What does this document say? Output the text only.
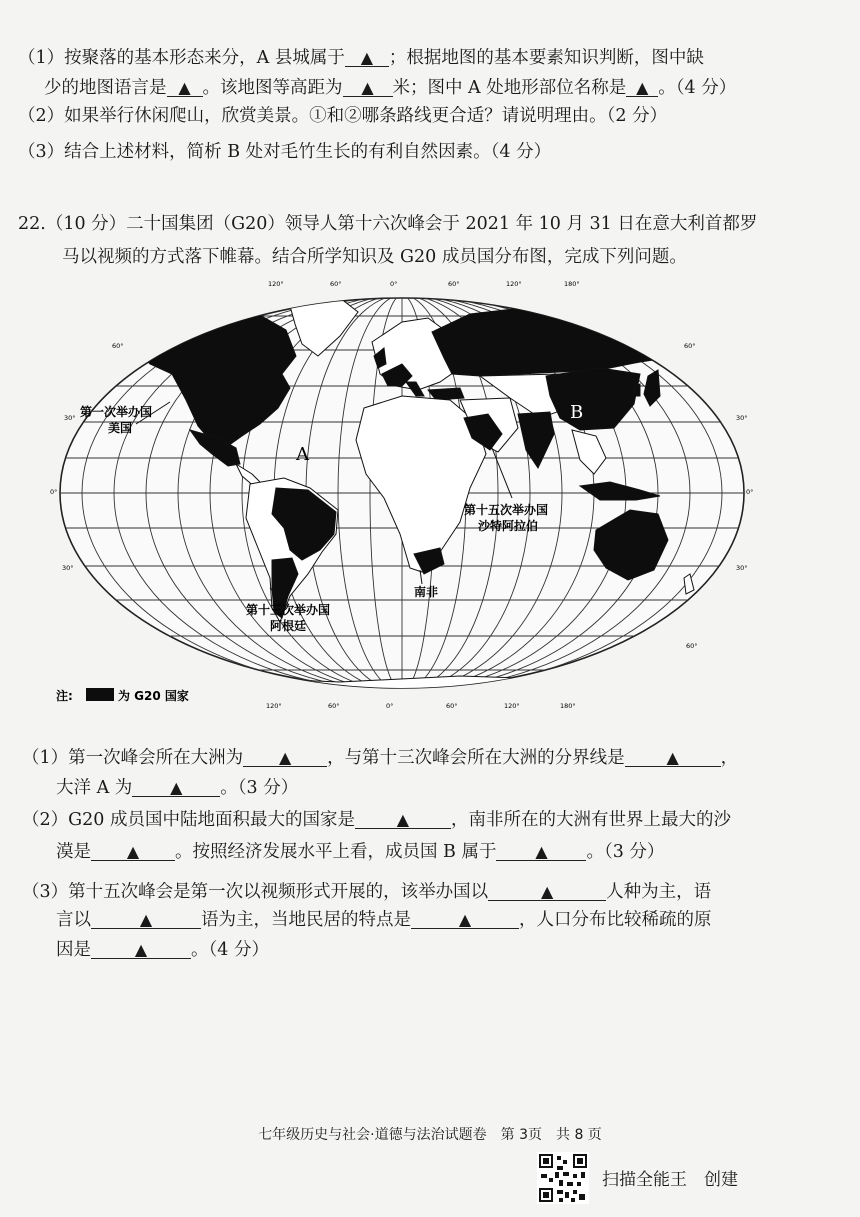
（1）按聚落的基本形态来分，A 县城属于 ▲ ；根据地图的基本要素知识判断，图中缺
少的地图语言是 ▲ 。该地图等高距为 ▲ 米；图中 A 处地形部位名称是 ▲ 。（4 分）
（2）如果举行休闲爬山，欣赏美景。①和②哪条路线更合适？请说明理由。（2 分）
（3）结合上述材料，简析 B 处对毛竹生长的有利自然因素。（4 分）
22.（10 分）二十国集团（G20）领导人第十六次峰会于 2021 年 10 月 31 日在意大利首都罗
马以视频的方式落下帷幕。结合所学知识及 G20 成员国分布图，完成下列问题。
第一次举办国
美国
A
B
第十五次举办国
沙特阿拉伯
南非
第十三次举办国
阿根廷
120°	60°	0°	60°	120°	180°
120°	60°	0°	60°	120°	180°
60°
30°
0°
30°
60°
30°
0°
30°
60°
注:	为 G20 国家
（1）第一次峰会所在大洲为 ▲ ，与第十三次峰会所在大洲的分界线是	▲ ，
大洋 A 为 ▲ 。（3 分）
（2）G20 成员国中陆地面积最大的国家是	▲ ，南非所在的大洲有世界上最大的沙
漠是 ▲ 。按照经济发展水平上看，成员国 B 属于 ▲ 。（3 分）
（3）第十五次峰会是第一次以视频形式开展的，该举办国以	▲	人种为主，语
言以	▲	语为主，当地民居的特点是	▲	，人口分布比较稀疏的原
因是	▲	。（4 分）
七年级历史与社会·道德与法治试题卷　第 3页　共 8 页
扫描全能王　创建
